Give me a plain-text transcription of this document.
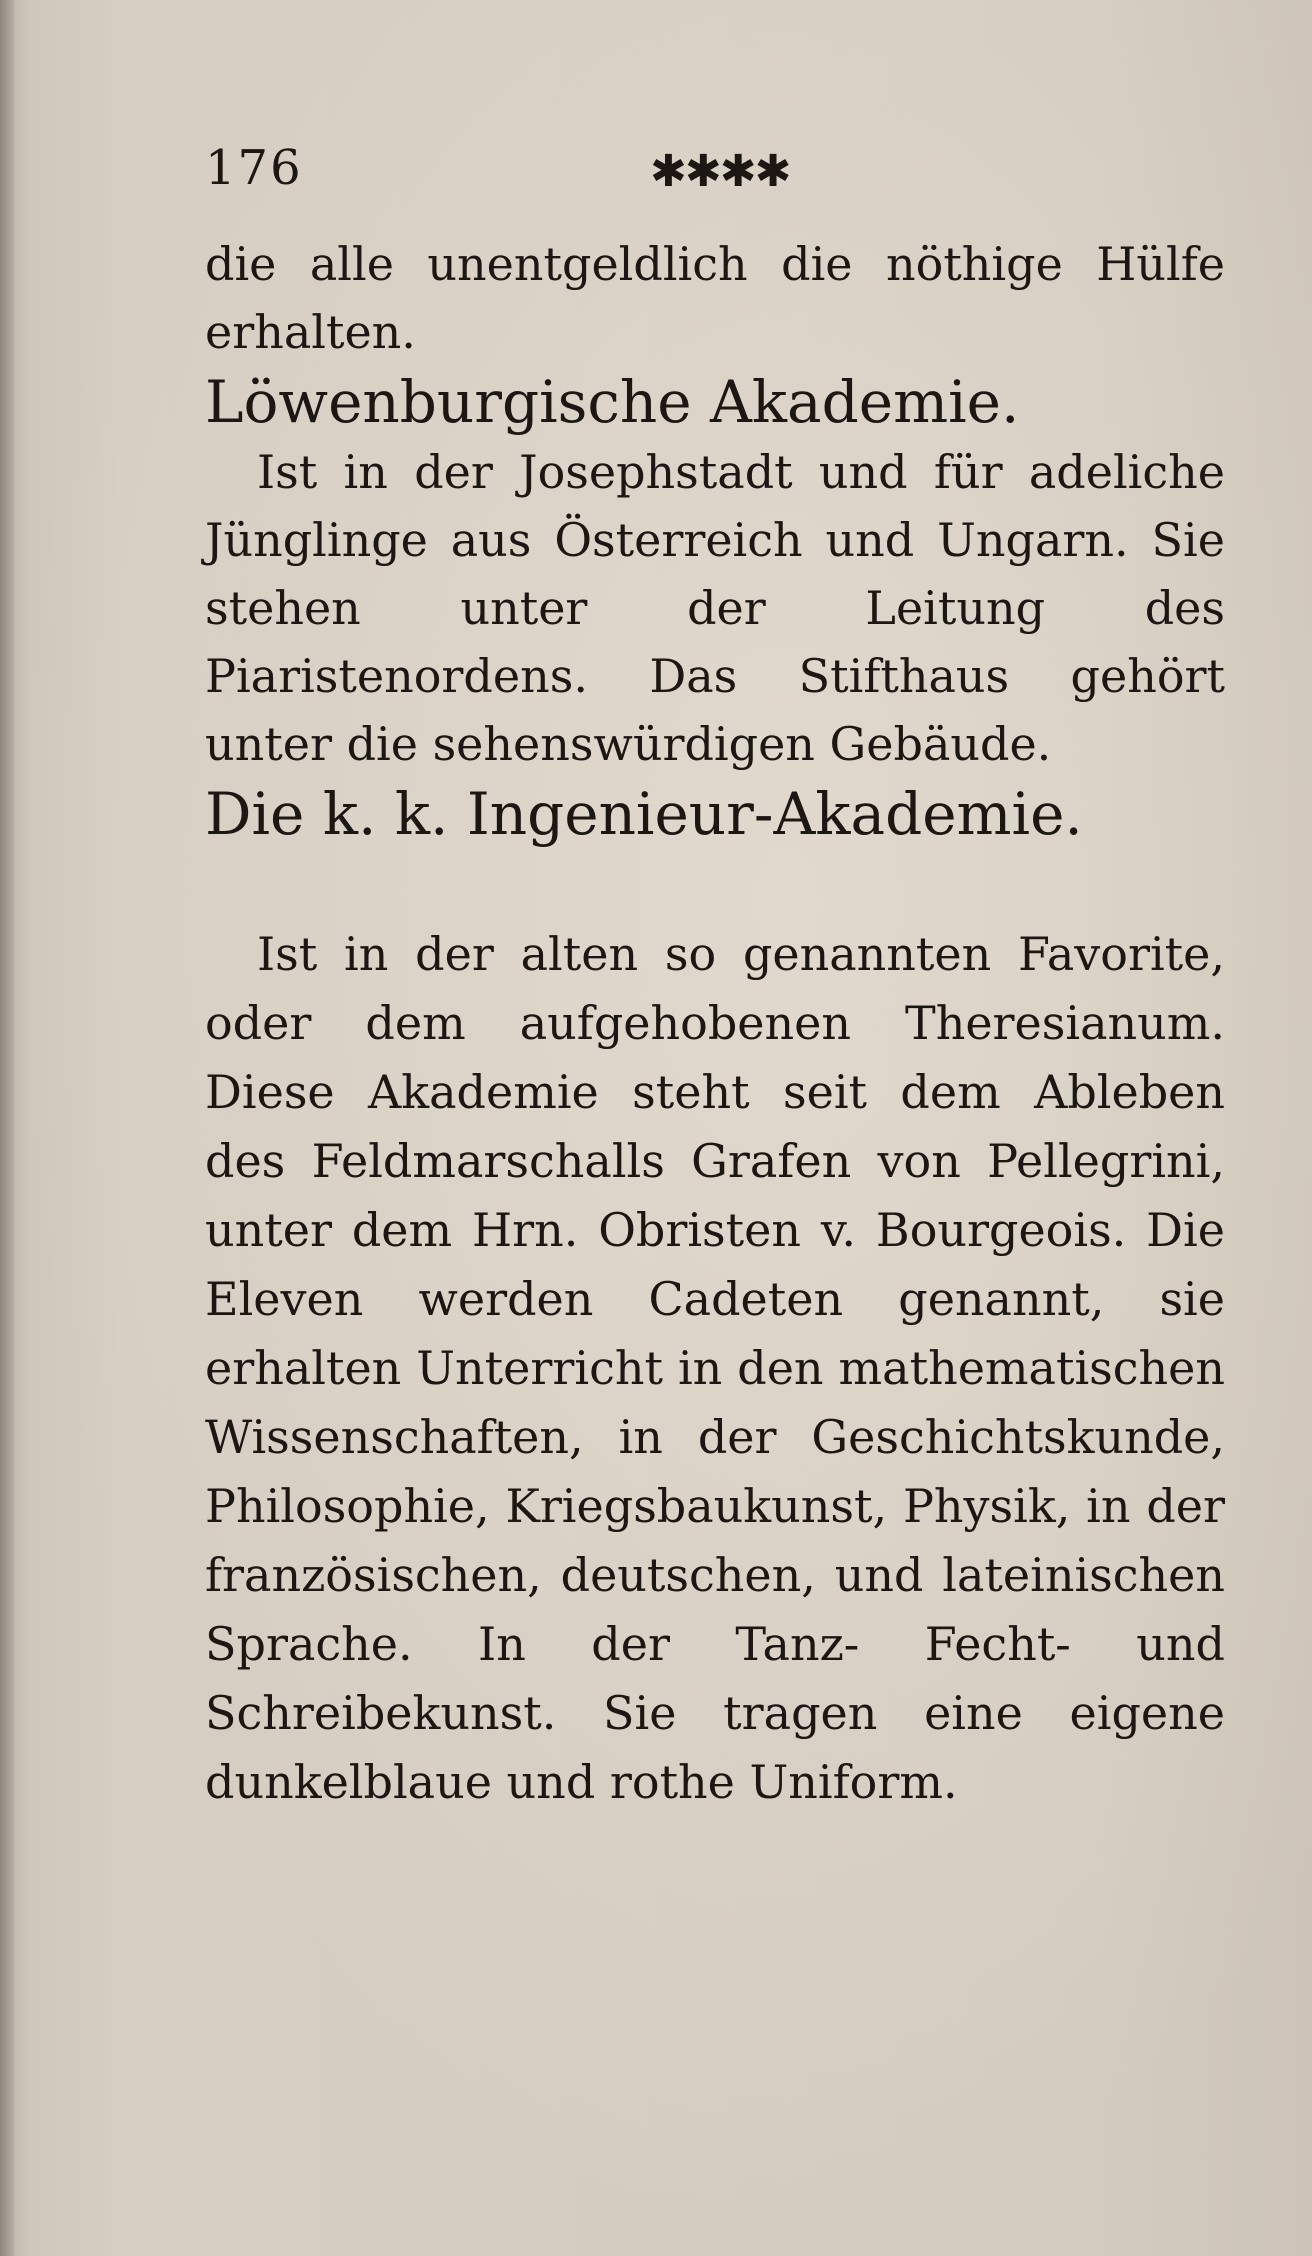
176	✱✱✱✱

die alle unentgeldlich die nöthige Hülfe erhalten.

Löwenburgische Akademie.

Ist in der Josephstadt und für adeliche Jünglinge aus Österreich und Ungarn. Sie stehen unter der Leitung des Piaristenordens. Das Stifthaus gehört unter die sehenswürdigen Gebäude.

Die k. k. Ingenieur-Akademie.

Ist in der alten so genannten Favorite, oder dem aufgehobenen Theresianum. Diese Akademie steht seit dem Ableben des Feldmarschalls Grafen von Pellegrini, unter dem Hrn. Obristen v. Bourgeois. Die Eleven werden Cadeten genannt, sie erhalten Unterricht in den mathematischen Wissenschaften, in der Geschichtskunde, Philosophie, Kriegsbaukunst, Physik, in der französischen, deutschen, und lateinischen Sprache. In der Tanz- Fecht- und Schreibekunst. Sie tragen eine eigene dunkelblaue und rothe Uniform.
